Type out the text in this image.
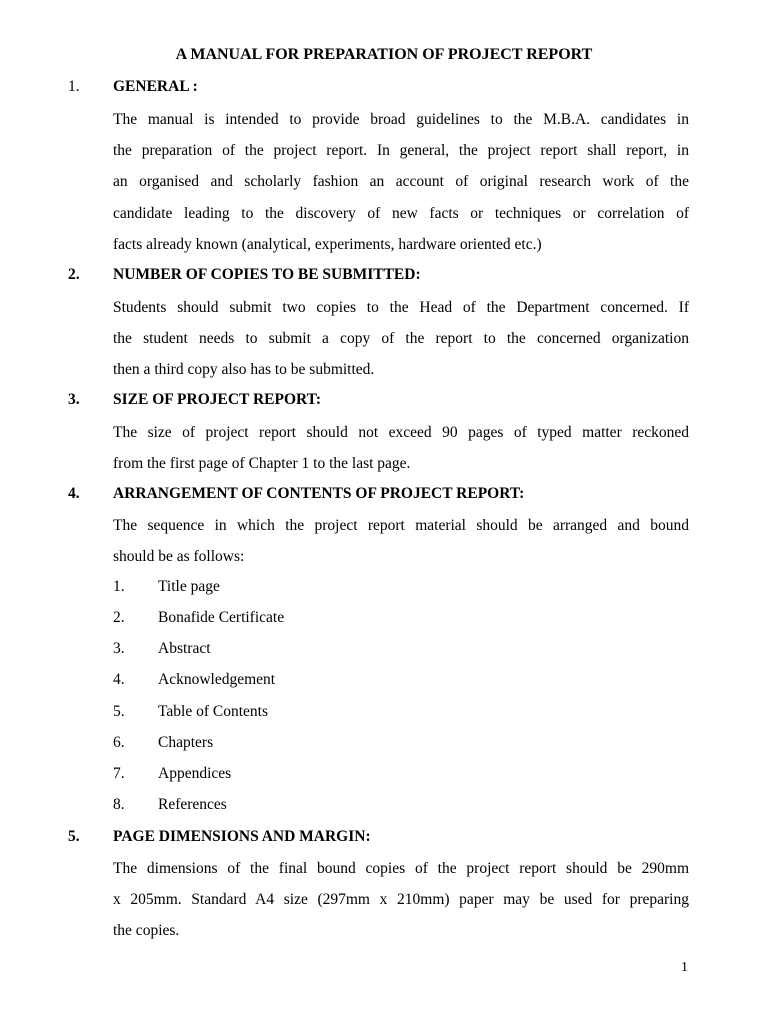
A MANUAL FOR PREPARATION OF PROJECT REPORT
1. GENERAL :
The manual is intended to provide broad guidelines to the M.B.A. candidates in
the preparation of the project report. In general, the project report shall report, in
an organised and scholarly fashion an account of original research work of the
candidate leading to the discovery of new facts or techniques or correlation of
facts already known (analytical, experiments, hardware oriented etc.)
2. NUMBER OF COPIES TO BE SUBMITTED:
Students should submit two copies to the Head of the Department concerned. If
the student needs to submit a copy of the report to the concerned organization
then a third copy also has to be submitted.
3. SIZE OF PROJECT REPORT:
The size of project report should not exceed 90 pages of typed matter reckoned
from the first page of Chapter 1 to the last page.
4. ARRANGEMENT OF CONTENTS OF PROJECT REPORT:
The sequence in which the project report material should be arranged and bound
should be as follows:
1. Title page
2. Bonafide Certificate
3. Abstract
4. Acknowledgement
5. Table of Contents
6. Chapters
7. Appendices
8. References
5. PAGE DIMENSIONS AND MARGIN:
The dimensions of the final bound copies of the project report should be 290mm
x 205mm. Standard A4 size (297mm x 210mm) paper may be used for preparing
the copies.
1
